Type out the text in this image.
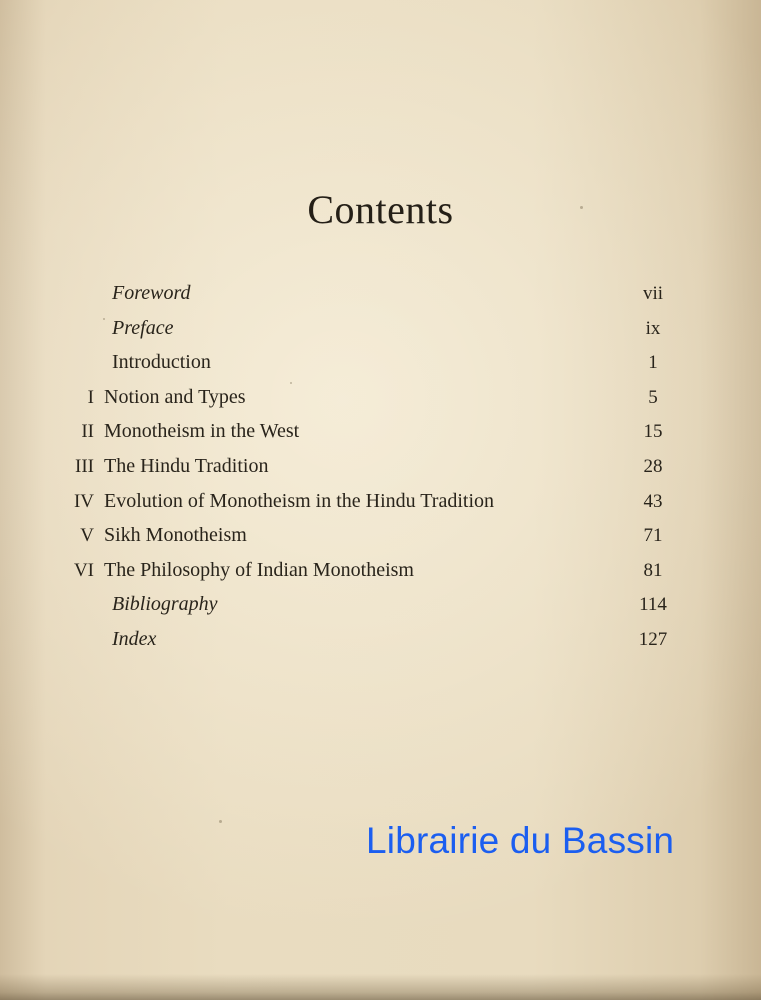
Contents
Foreword	vii
Preface	ix
Introduction	1
I Notion and Types	5
II Monotheism in the West	15
III The Hindu Tradition	28
IV Evolution of Monotheism in the Hindu Tradition	43
V Sikh Monotheism	71
VI The Philosophy of Indian Monotheism	81
Bibliography	114
Index	127
Librairie du Bassin
